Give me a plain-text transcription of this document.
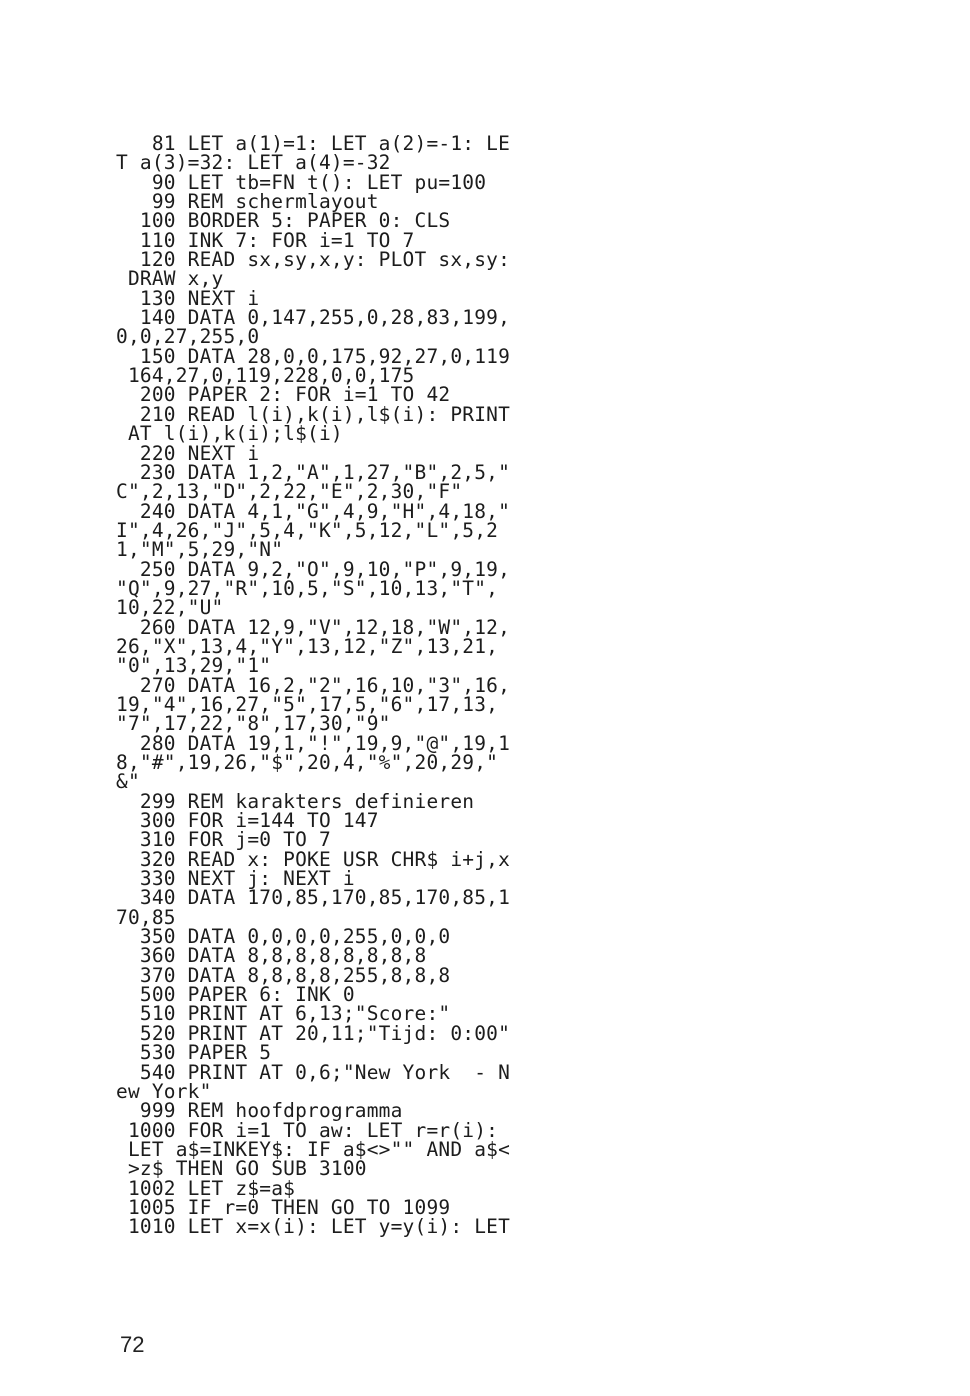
81 LET a(1)=1: LET a(2)=-1: LE
T a(3)=32: LET a(4)=-32
90 LET tb=FN t(): LET pu=100
99 REM schermlayout
100 BORDER 5: PAPER 0: CLS
110 INK 7: FOR i=1 TO 7
120 READ sx,sy,x,y: PLOT sx,sy:
DRAW x,y
130 NEXT i
140 DATA 0,147,255,0,28,83,199,
0,0,27,255,0
150 DATA 28,0,0,175,92,27,0,119
164,27,0,119,228,0,0,175
200 PAPER 2: FOR i=1 TO 42
210 READ l(i),k(i),l$(i): PRINT
AT l(i),k(i);l$(i)
220 NEXT i
230 DATA 1,2,"A",1,27,"B",2,5,"
C",2,13,"D",2,22,"E",2,30,"F"
240 DATA 4,1,"G",4,9,"H",4,18,"
I",4,26,"J",5,4,"K",5,12,"L",5,2
1,"M",5,29,"N"
250 DATA 9,2,"O",9,10,"P",9,19,
"Q",9,27,"R",10,5,"S",10,13,"T",
10,22,"U"
260 DATA 12,9,"V",12,18,"W",12,
26,"X",13,4,"Y",13,12,"Z",13,21,
"0",13,29,"1"
270 DATA 16,2,"2",16,10,"3",16,
19,"4",16,27,"5",17,5,"6",17,13,
"7",17,22,"8",17,30,"9"
280 DATA 19,1,"!",19,9,"@",19,1
8,"#",19,26,"$",20,4,"%",20,29,"
&"
299 REM karakters definieren
300 FOR i=144 TO 147
310 FOR j=0 TO 7
320 READ x: POKE USR CHR$ i+j,x
330 NEXT j: NEXT i
340 DATA 170,85,170,85,170,85,1
70,85
350 DATA 0,0,0,0,255,0,0,0
360 DATA 8,8,8,8,8,8,8,8
370 DATA 8,8,8,8,255,8,8,8
500 PAPER 6: INK 0
510 PRINT AT 6,13;"Score:"
520 PRINT AT 20,11;"Tijd: 0:00"
530 PAPER 5
540 PRINT AT 0,6;"New York  - N
ew York"
999 REM hoofdprogramma
1000 FOR i=1 TO aw: LET r=r(i):
LET a$=INKEY$: IF a$<>"" AND a$<
>z$ THEN GO SUB 3100
1002 LET z$=a$
1005 IF r=0 THEN GO TO 1099
1010 LET x=x(i): LET y=y(i): LET
72
